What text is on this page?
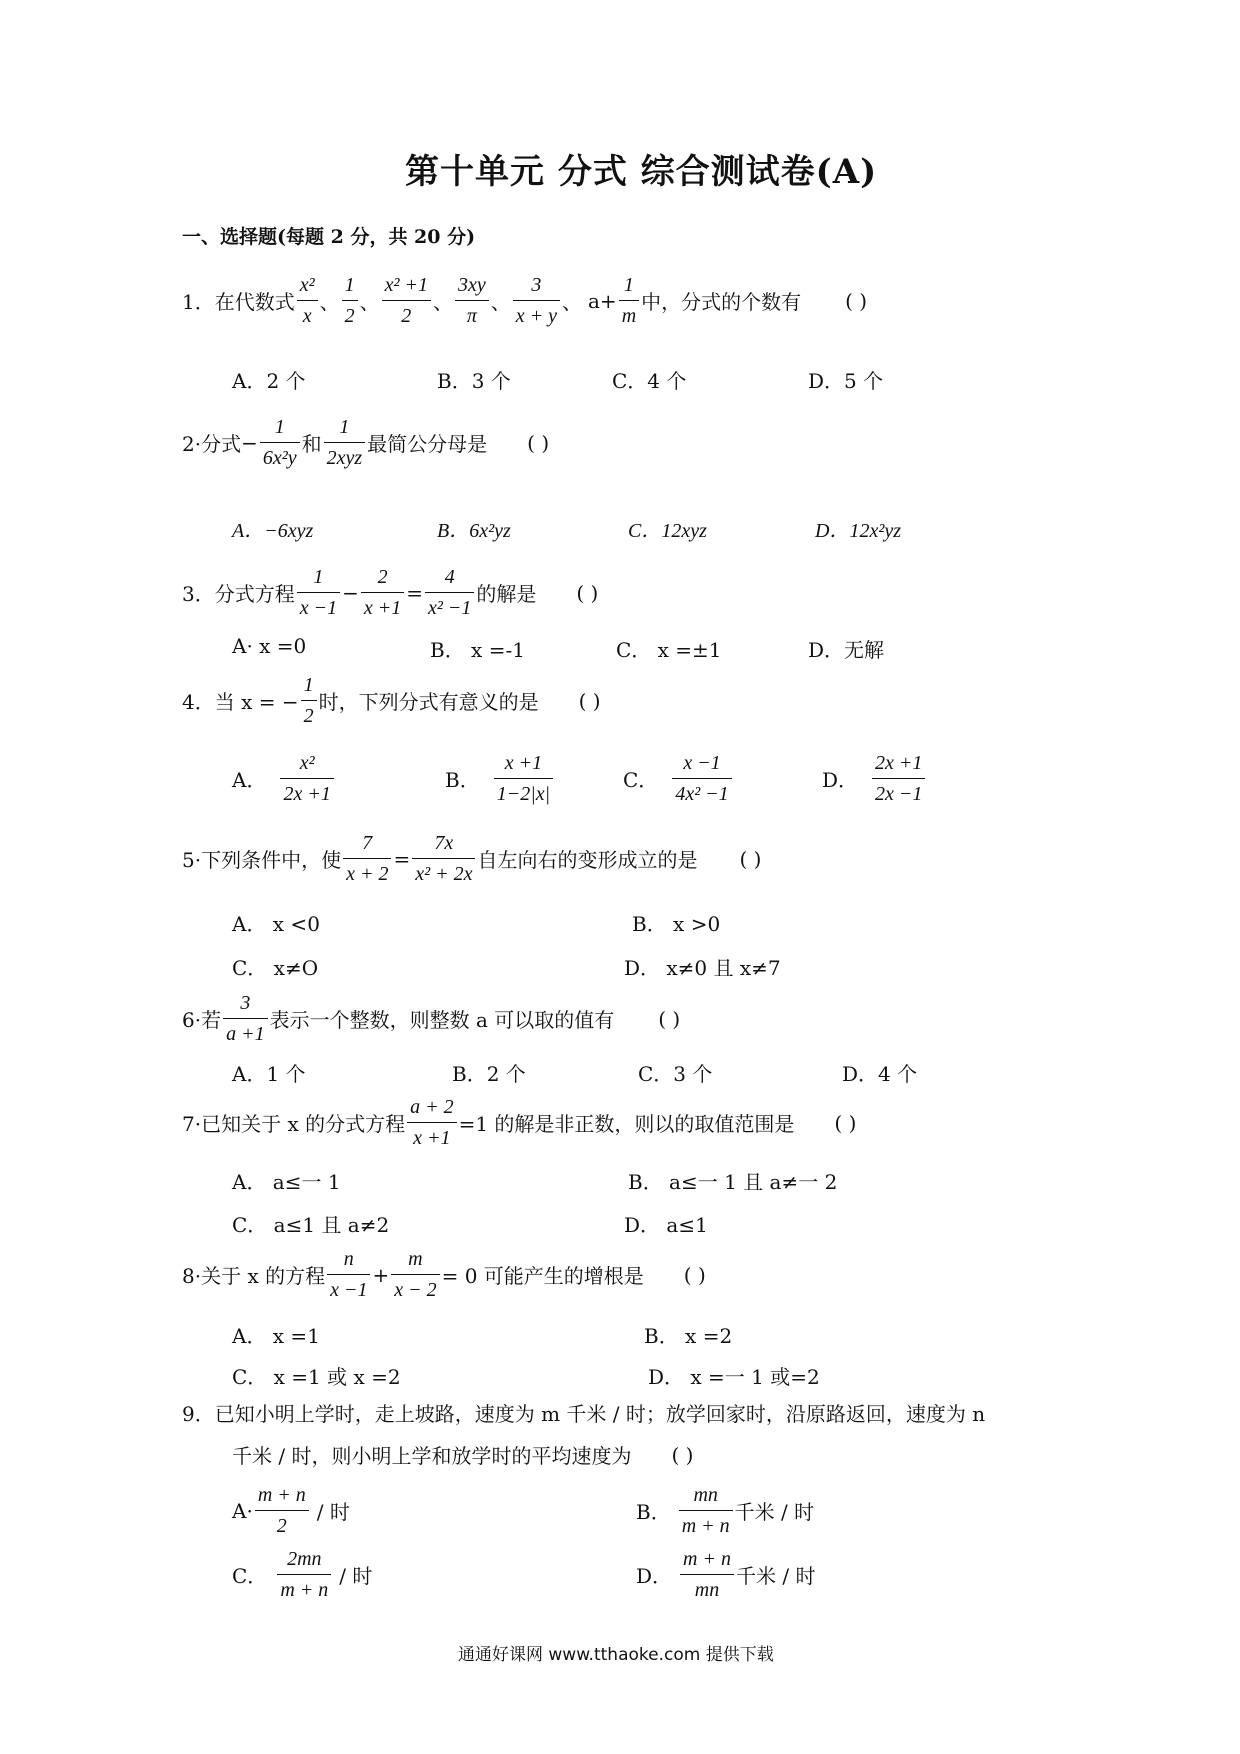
第十单元 分式 综合测试卷(A)
一、选择题(每题 2 分，共 20 分)
1．在代数式 $\frac{\text{x²}}{x}$ 、 $\frac{1}{2}$ 、 $\frac{\text{x² +1}}{2}$ 、 $\frac{3xy}{\pi}$ 、 $\frac{3}{x + y}$ 、 $a+ \frac{1}{m}$ 中，分式的个数有 ( )
A．2 个	B．3 个	C．4 个	D．5 个
2·分式 − $\frac{1}{\text{6x²y}}$ 和 $\frac{1}{\text{2xyz}}$ 最简公分母是 ( )
A．−6xyz	B．6x²yz	C．12xyz	D．12x²yz
3．分式方程 $\frac{1}{x -1} - \frac{2}{x +1} = \frac{4}{\text{x² −1}}$ 的解是 ( )
A· x =0	B． x =-1	C． x =±1	D．无解
4．当 x = − $\frac{1}{2}$ 时，下列分式有意义的是 ( )
A． $\frac{\text{x²}}{2x +1}$	B． $\frac{x +1}{1-2|x|}$	C． $\frac{x -1}{\text{4x² −1}}$	D． $\frac{2x +1}{2x -1}$
5·下列条件中，使 $\frac{7}{x + 2} = \frac{7x}{\text{x² + 2x}}$ 自左向右的变形成立的是 ( )
A． x <0	B． x >0
C． x≠O	D． x≠0 且 x≠7
6·若 $\frac{3}{a +1}$ 表示一个整数，则整数 a 可以取的值有 ( )
A．1 个	B．2 个	C．3 个	D．4 个
7·已知关于 x 的分式方程 $\frac{a + 2}{x +1} =1$ 的解是非正数，则以的取值范围是 ( )
A． a≤一 1	B． a≤一 1 且 a≠一 2
C． a≤1 且 a≠2	D． a≤1
8·关于 x 的方程 $\frac{n}{x -1} + \frac{m}{x - 2} = 0$ 可能产生的增根是 ( )
A． x =1	B． x =2
C． x =1 或 x =2	D． x =一 1 或=2
9．已知小明上学时，走上坡路，速度为 m 千米 / 时；放学回家时，沿原路返回，速度为 n
千米 / 时，则小明上学和放学时的平均速度为 ( )
$A\cdot \frac{m + n}{2}$ / 时	B． $\frac{mn}{m + n}$ 千米 / 时
C． $\frac{2mn}{m + n}$ / 时	D． $\frac{m + n}{mn}$ 千米 / 时
通通好课网 www.tthaoke.com 提供下载
